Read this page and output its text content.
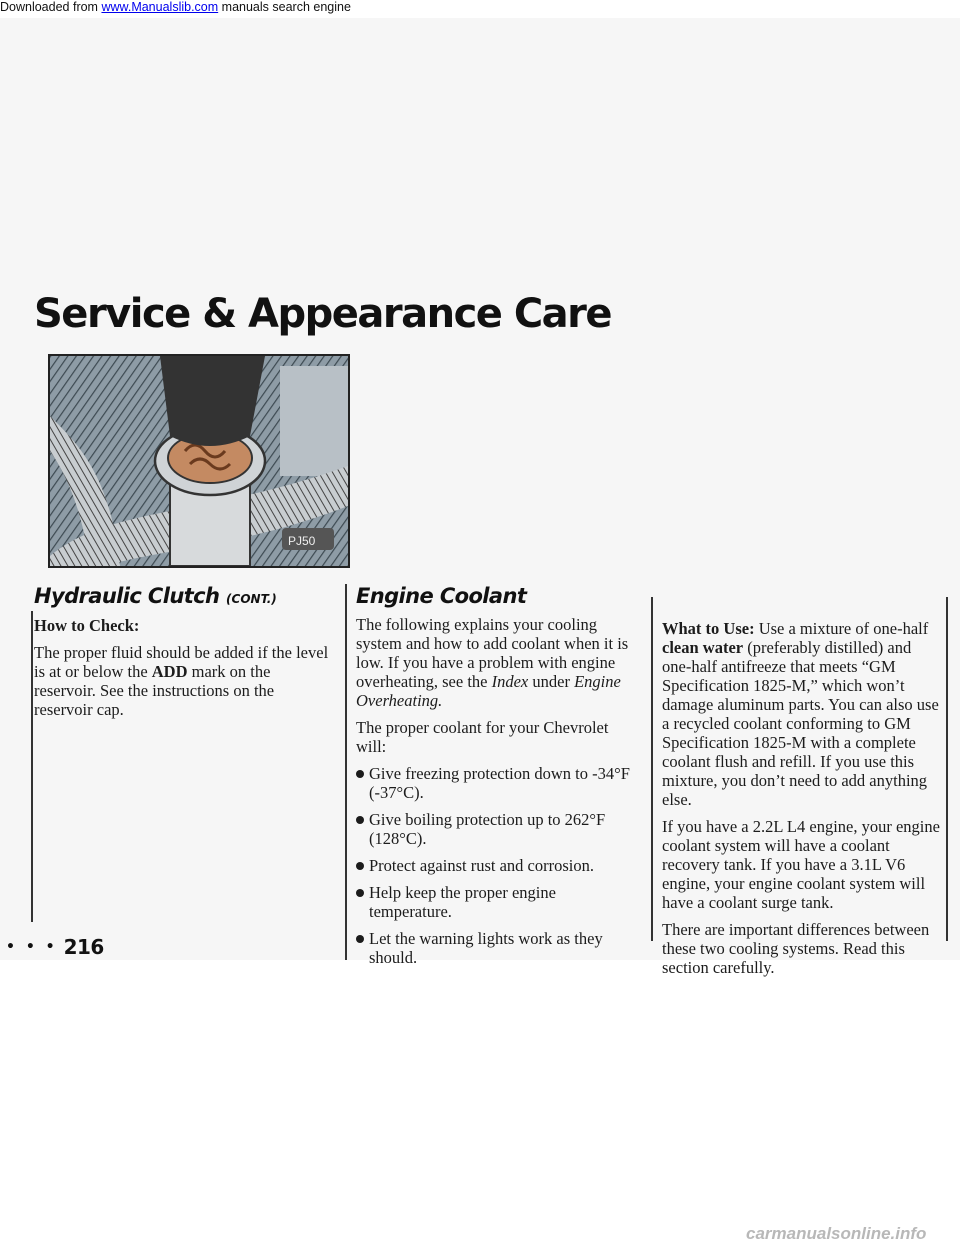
Downloaded from www.Manualslib.com manuals search engine
Service & Appearance Care
PJ50
Hydraulic Clutch (CONT.)

How to Check:

The proper fluid should be added if the level is at or below the ADD mark on the reservoir. See the instructions on the reservoir cap.

Engine Coolant

The following explains your cooling system and how to add coolant when it is low. If you have a problem with engine overheating, see the Index under Engine Overheating.

The proper coolant for your Chevrolet will:

Give freezing protection down to -34°F (-37°C).
Give boiling protection up to 262°F (128°C).
Protect against rust and corrosion.
Help keep the proper engine temperature.
Let the warning lights work as they should.

What to Use: Use a mixture of one-half clean water (preferably distilled) and one-half antifreeze that meets “GM Specification 1825-M,” which won’t damage aluminum parts. You can also use a recycled coolant conforming to GM Specification 1825-M with a complete coolant flush and refill. If you use this mixture, you don’t need to add anything else.

If you have a 2.2L L4 engine, your engine coolant system will have a coolant recovery tank. If you have a 3.1L V6 engine, your engine coolant system will have a coolant surge tank.

There are important differences between these two cooling systems. Read this section carefully.

• • • 216
carmanualsonline.info
